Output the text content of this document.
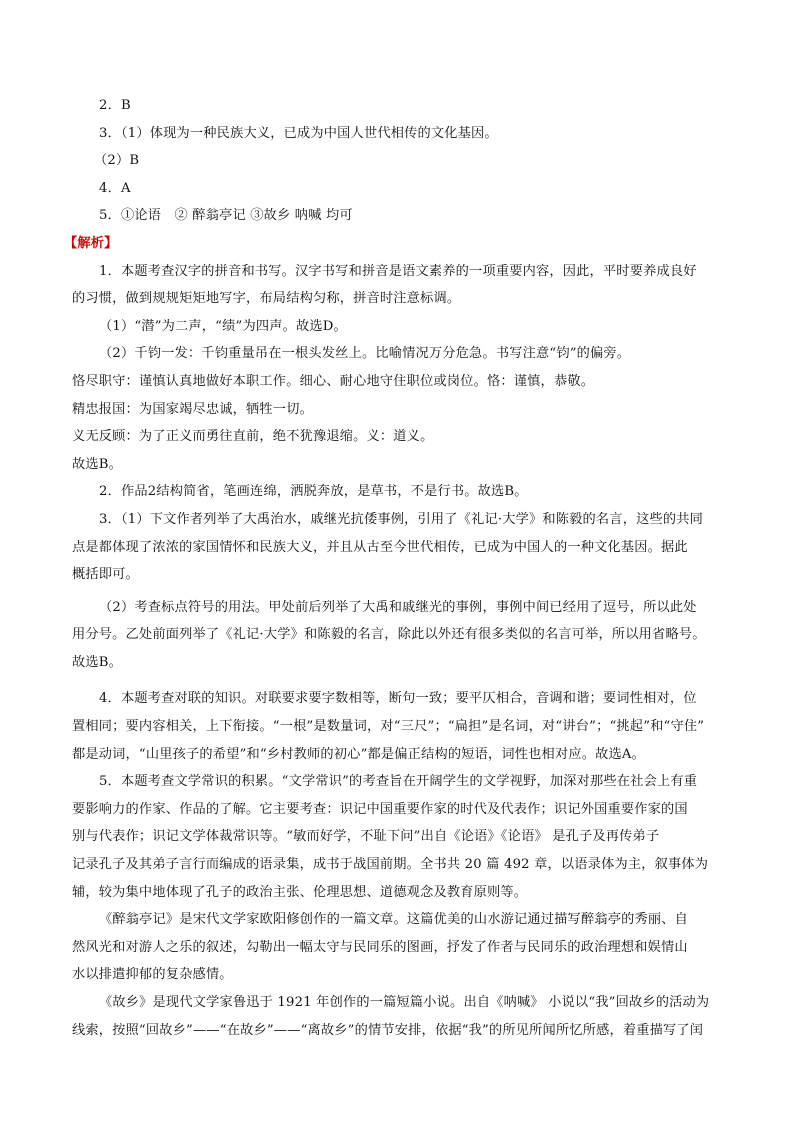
2．B
3．（1）体现为一种民族大义，已成为中国人世代相传的文化基因。
（2）B
4．A
5．①论语　② 醉翁亭记 ③故乡 呐喊 均可
【解析】
1．本题考查汉字的拼音和书写。汉字书写和拼音是语文素养的一项重要内容，因此，平时要养成良好
的习惯，做到规规矩矩地写字，布局结构匀称，拼音时注意标调。
（1）“潜”为二声，“绩”为四声。故选D。
（2）千钧一发：千钧重量吊在一根头发丝上。比喻情况万分危急。书写注意“钧”的偏旁。
恪尽职守：谨慎认真地做好本职工作。细心、耐心地守住职位或岗位。恪：谨慎，恭敬。
精忠报国：为国家竭尽忠诚，牺牲一切。
义无反顾：为了正义而勇往直前，绝不犹豫退缩。义：道义。
故选B。
2．作品2结构简省，笔画连绵，洒脱奔放，是草书，不是行书。故选B。
3．（1）下文作者列举了大禹治水，戚继光抗倭事例，引用了《礼记·大学》和陈毅的名言，这些的共同
点是都体现了浓浓的家国情怀和民族大义，并且从古至今世代相传，已成为中国人的一种文化基因。据此
概括即可。
（2）考查标点符号的用法。甲处前后列举了大禹和戚继光的事例，事例中间已经用了逗号，所以此处
用分号。乙处前面列举了《礼记·大学》和陈毅的名言，除此以外还有很多类似的名言可举，所以用省略号。
故选B。
4．本题考查对联的知识。对联要求要字数相等，断句一致；要平仄相合，音调和谐；要词性相对，位
置相同；要内容相关，上下衔接。“一根”是数量词，对“三尺”；“扁担”是名词，对“讲台”；“挑起”和“守住”
都是动词，“山里孩子的希望”和“乡村教师的初心”都是偏正结构的短语，词性也相对应。故选A。
5．本题考查文学常识的积累。“文学常识”的考查旨在开阔学生的文学视野，加深对那些在社会上有重
要影响力的作家、作品的了解。它主要考查：识记中国重要作家的时代及代表作；识记外国重要作家的国
别与代表作；识记文学体裁常识等。“敏而好学，不耻下问”出自《论语》《论语》 是孔子及再传弟子
记录孔子及其弟子言行而编成的语录集，成书于战国前期。全书共 20 篇 492 章，以语录体为主，叙事体为
辅，较为集中地体现了孔子的政治主张、伦理思想、道德观念及教育原则等。
《醉翁亭记》是宋代文学家欧阳修创作的一篇文章。这篇优美的山水游记通过描写醉翁亭的秀丽、自
然风光和对游人之乐的叙述，勾勒出一幅太守与民同乐的图画，抒发了作者与民同乐的政治理想和娱情山
水以排遣抑郁的复杂感情。
《故乡》是现代文学家鲁迅于 1921 年创作的一篇短篇小说。出自《呐喊》 小说以“我”回故乡的活动为
线索，按照“回故乡”——“在故乡”——“离故乡”的情节安排，依据“我”的所见所闻所忆所感，着重描写了闰
